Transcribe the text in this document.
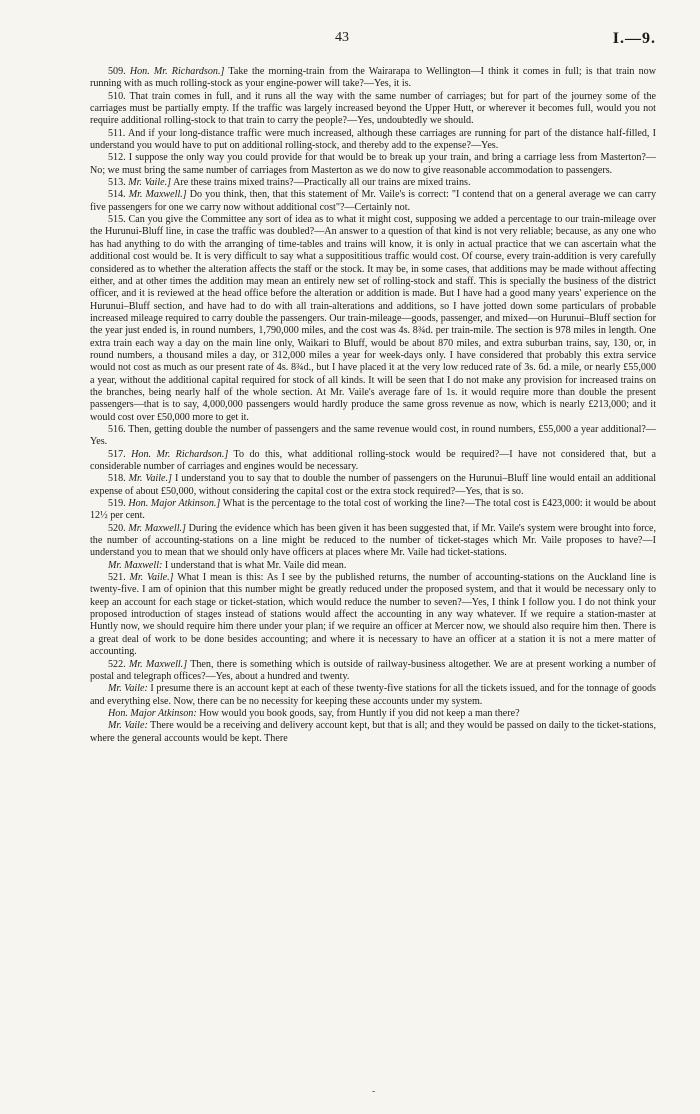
43	I.—9.

509. Hon. Mr. Richardson.] Take the morning-train from the Wairarapa to Wellington—I think it comes in full; is that train now running with as much rolling-stock as your engine-power will take?—Yes, it is.

510. That train comes in full, and it runs all the way with the same number of carriages; but for part of the journey some of the carriages must be partially empty. If the traffic was largely increased beyond the Upper Hutt, or wherever it becomes full, would you not require additional rolling-stock to that train to carry the people?—Yes, undoubtedly we should.

511. And if your long-distance traffic were much increased, although these carriages are running for part of the distance half-filled, I understand you would have to put on additional rolling-stock, and thereby add to the expense?—Yes.

512. I suppose the only way you could provide for that would be to break up your train, and bring a carriage less from Masterton?—No; we must bring the same number of carriages from Masterton as we do now to give reasonable accommodation to passengers.

513. Mr. Vaile.] Are these trains mixed trains?—Practically all our trains are mixed trains.

514. Mr. Maxwell.] Do you think, then, that this statement of Mr. Vaile's is correct: "I contend that on a general average we can carry five passengers for one we carry now without additional cost"?—Certainly not.

515. Can you give the Committee any sort of idea as to what it might cost, supposing we added a percentage to our train-mileage over the Hurunui-Bluff line, in case the traffic was doubled?—An answer to a question of that kind is not very reliable; because, as any one who has had anything to do with the arranging of time-tables and trains will know, it is only in actual practice that we can ascertain what the additional cost would be. It is very difficult to say what a supposititious traffic would cost. Of course, every train-addition is very carefully considered as to whether the alteration affects the staff or the stock. It may be, in some cases, that additions may be made without affecting either, and at other times the addition may mean an entirely new set of rolling-stock and staff. This is specially the business of the district officer, and it is reviewed at the head office before the alteration or addition is made. But I have had a good many years' experience on the Hurunui–Bluff section, and have had to do with all train-alterations and additions, so I have jotted down some particulars of probable increased mileage required to carry double the passengers. Our train-mileage—goods, passenger, and mixed—on Hurunui–Bluff section for the year just ended is, in round numbers, 1,790,000 miles, and the cost was 4s. 8¾d. per train-mile. The section is 978 miles in length. One extra train each way a day on the main line only, Waikari to Bluff, would be about 870 miles, and extra suburban trains, say, 130, or, in round numbers, a thousand miles a day, or 312,000 miles a year for week-days only. I have considered that probably this extra service would not cost as much as our present rate of 4s. 8¾d., but I have placed it at the very low reduced rate of 3s. 6d. a mile, or nearly £55,000 a year, without the additional capital required for stock of all kinds. It will be seen that I do not make any provision for increased trains on the branches, being nearly half of the whole section. At Mr. Vaile's average fare of 1s. it would require more than double the present passengers—that is to say, 4,000,000 passengers would hardly produce the same gross revenue as now, which is nearly £213,000; and it would cost over £50,000 more to get it.

516. Then, getting double the number of passengers and the same revenue would cost, in round numbers, £55,000 a year additional?—Yes.

517. Hon. Mr. Richardson.] To do this, what additional rolling-stock would be required?—I have not considered that, but a considerable number of carriages and engines would be necessary.

518. Mr. Vaile.] I understand you to say that to double the number of passengers on the Hurunui–Bluff line would entail an additional expense of about £50,000, without considering the capital cost or the extra stock required?—Yes, that is so.

519. Hon. Major Atkinson.] What is the percentage to the total cost of working the line?—The total cost is £423,000: it would be about 12½ per cent.

520. Mr. Maxwell.] During the evidence which has been given it has been suggested that, if Mr. Vaile's system were brought into force, the number of accounting-stations on a line might be reduced to the number of ticket-stages which Mr. Vaile proposes to have?—I understand you to mean that we should only have officers at places where Mr. Vaile had ticket-stations.

Mr. Maxwell: I understand that is what Mr. Vaile did mean.

521. Mr. Vaile.] What I mean is this: As I see by the published returns, the number of accounting-stations on the Auckland line is twenty-five. I am of opinion that this number might be greatly reduced under the proposed system, and that it would be necessary only to keep an account for each stage or ticket-station, which would reduce the number to seven?—Yes, I think I follow you. I do not think your proposed introduction of stages instead of stations would affect the accounting in any way whatever. If we require a station-master at Huntly now, we should require him there under your plan; if we require an officer at Mercer now, we should also require him then. There is a great deal of work to be done besides accounting; and where it is necessary to have an officer at a station it is not a mere matter of accounting.

522. Mr. Maxwell.] Then, there is something which is outside of railway-business altogether. We are at present working a number of postal and telegraph offices?—Yes, about a hundred and twenty.

Mr. Vaile: I presume there is an account kept at each of these twenty-five stations for all the tickets issued, and for the tonnage of goods and everything else. Now, there can be no necessity for keeping these accounts under my system.

Hon. Major Atkinson: How would you book goods, say, from Huntly if you did not keep a man there?

Mr. Vaile: There would be a receiving and delivery account kept, but that is all; and they would be passed on daily to the ticket-stations, where the general accounts would be kept. There

-
